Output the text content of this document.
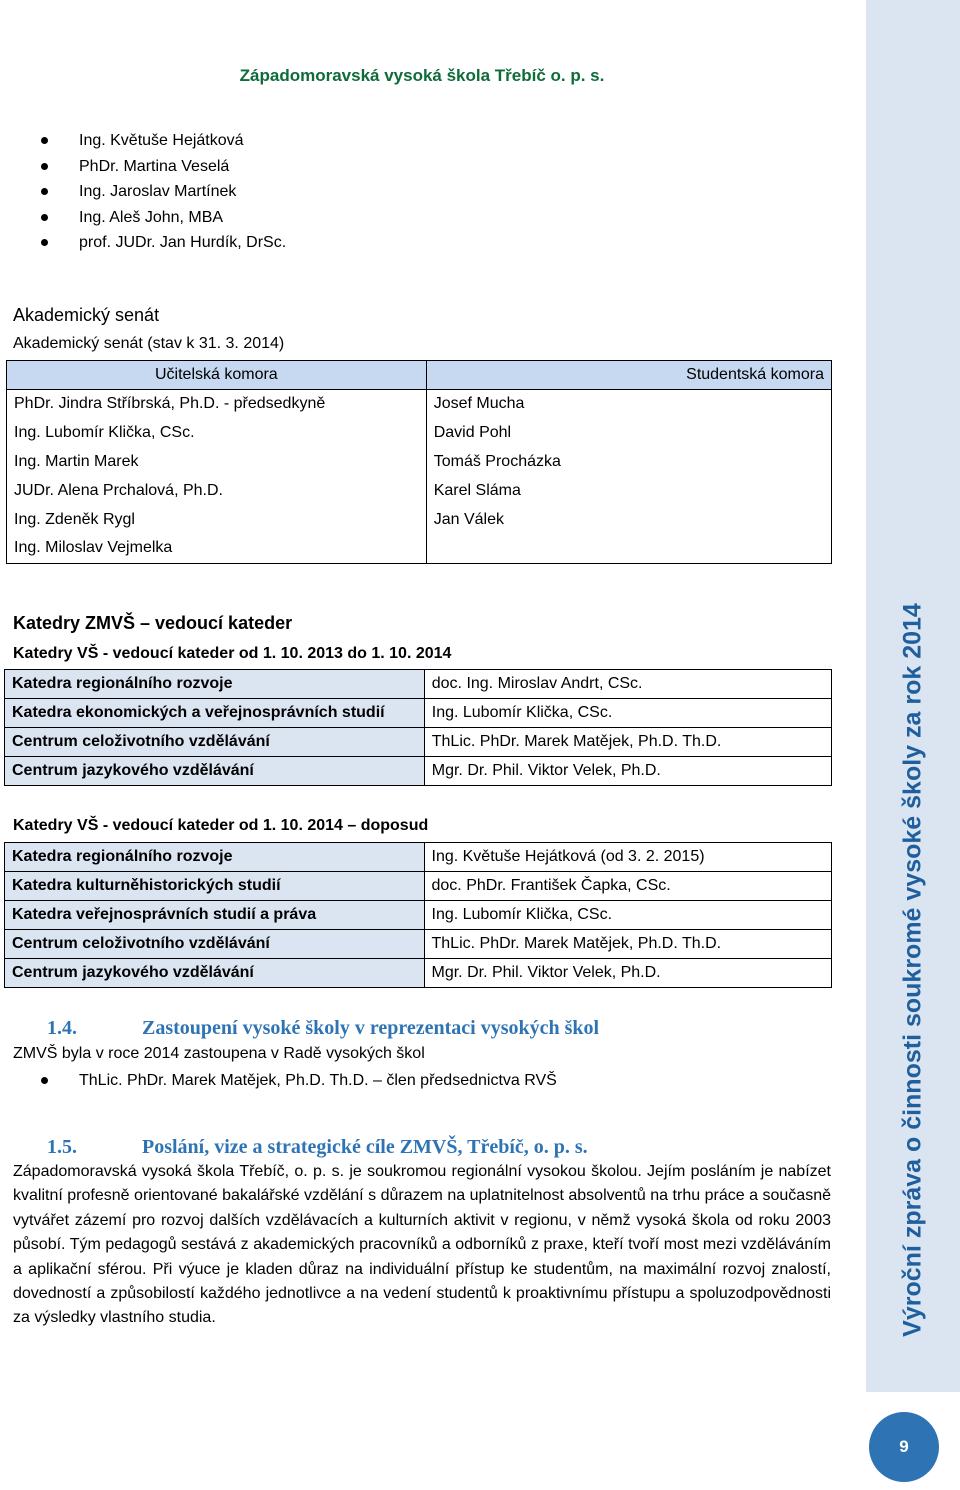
Západomoravská vysoká škola Třebíč o. p. s.
Výroční zpráva o činnosti soukromé vysoké školy za rok 2014
9
Ing. Květuše Hejátková
PhDr. Martina Veselá
Ing. Jaroslav Martínek
Ing. Aleš John, MBA
prof. JUDr. Jan Hurdík, DrSc.
Akademický senát
Akademický senát (stav k 31. 3. 2014)
Učitelská komora	Studentská komora
PhDr. Jindra Stříbrská, Ph.D. - předsedkyně	Josef Mucha
Ing. Lubomír Klička, CSc.	David Pohl
Ing. Martin Marek	Tomáš Procházka
JUDr. Alena Prchalová, Ph.D.	Karel Sláma
Ing. Zdeněk Rygl	Jan Válek
Ing. Miloslav Vejmelka	
Katedry ZMVŠ – vedoucí kateder
Katedry VŠ - vedoucí kateder od 1. 10. 2013 do 1. 10. 2014
Katedra regionálního rozvoje	doc. Ing. Miroslav Andrt, CSc.
Katedra ekonomických a veřejnosprávních studií	Ing. Lubomír Klička, CSc.
Centrum celoživotního vzdělávání	ThLic. PhDr. Marek Matějek, Ph.D. Th.D.
Centrum jazykového vzdělávání	Mgr. Dr. Phil. Viktor Velek, Ph.D.
Katedry VŠ - vedoucí kateder od 1. 10. 2014 – doposud
Katedra regionálního rozvoje	Ing. Květuše Hejátková (od 3. 2. 2015)
Katedra kulturněhistorických studií	doc. PhDr. František Čapka, CSc.
Katedra veřejnosprávních studií a práva	Ing. Lubomír Klička, CSc.
Centrum celoživotního vzdělávání	ThLic. PhDr. Marek Matějek, Ph.D. Th.D.
Centrum jazykového vzdělávání	Mgr. Dr. Phil. Viktor Velek, Ph.D.
1.4.	Zastoupení vysoké školy v reprezentaci vysokých škol
ZMVŠ byla v roce 2014 zastoupena v Radě vysokých škol
ThLic. PhDr. Marek Matějek, Ph.D. Th.D. – člen předsednictva RVŠ
1.5.	Poslání, vize a strategické cíle ZMVŠ, Třebíč, o. p. s.
Západomoravská vysoká škola Třebíč, o. p. s. je soukromou regionální vysokou školou. Jejím posláním je nabízet kvalitní profesně orientované bakalářské vzdělání s důrazem na uplatnitelnost absolventů na trhu práce a současně vytvářet zázemí pro rozvoj dalších vzdělávacích a kulturních aktivit v regionu, v němž vysoká škola od roku 2003 působí. Tým pedagogů sestává z akademických pracovníků a odborníků z praxe, kteří tvoří most mezi vzděláváním a aplikační sférou. Při výuce je kladen důraz na individuální přístup ke studentům, na maximální rozvoj znalostí, dovedností a způsobilostí každého jednotlivce a na vedení studentů k proaktivnímu přístupu a spoluzodpovědnosti za výsledky vlastního studia.
